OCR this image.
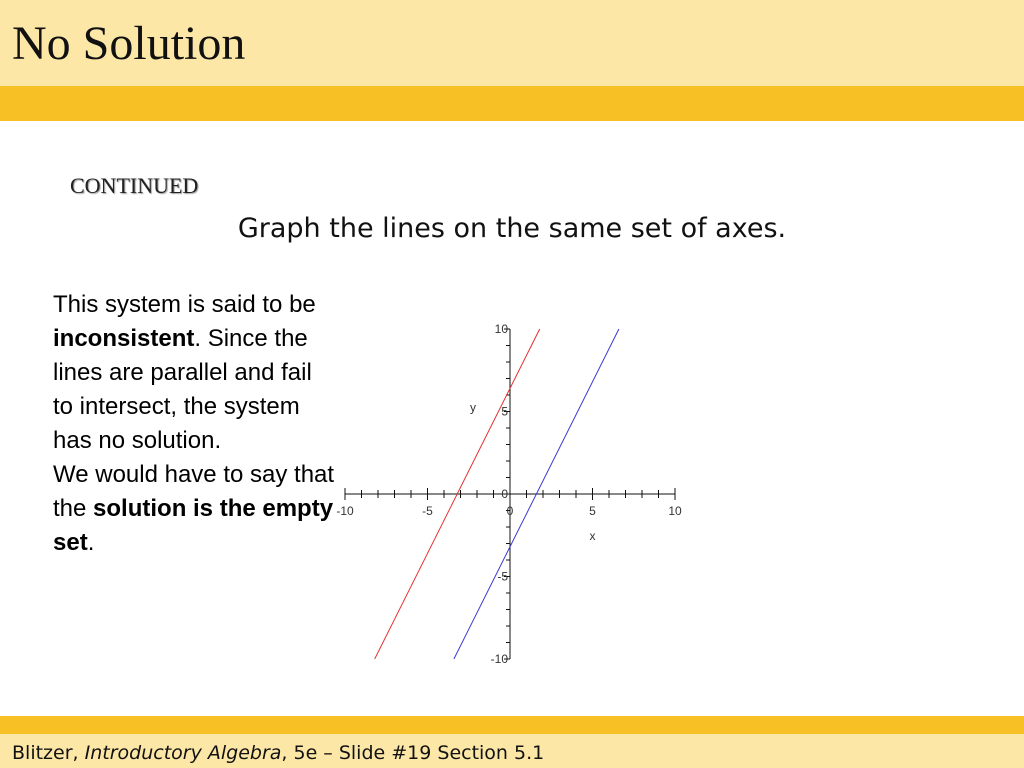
No Solution
CONTINUED
Graph the lines on the same set of axes.
This system is said to be inconsistent. Since the lines are parallel and fail to intersect, the system has no solution.
We would have to say that the solution is the empty set.
-10	-5	0	5	10
10
5
0
-5
-10
x
y
Blitzer, Introductory Algebra, 5e – Slide #19 Section 5.1
